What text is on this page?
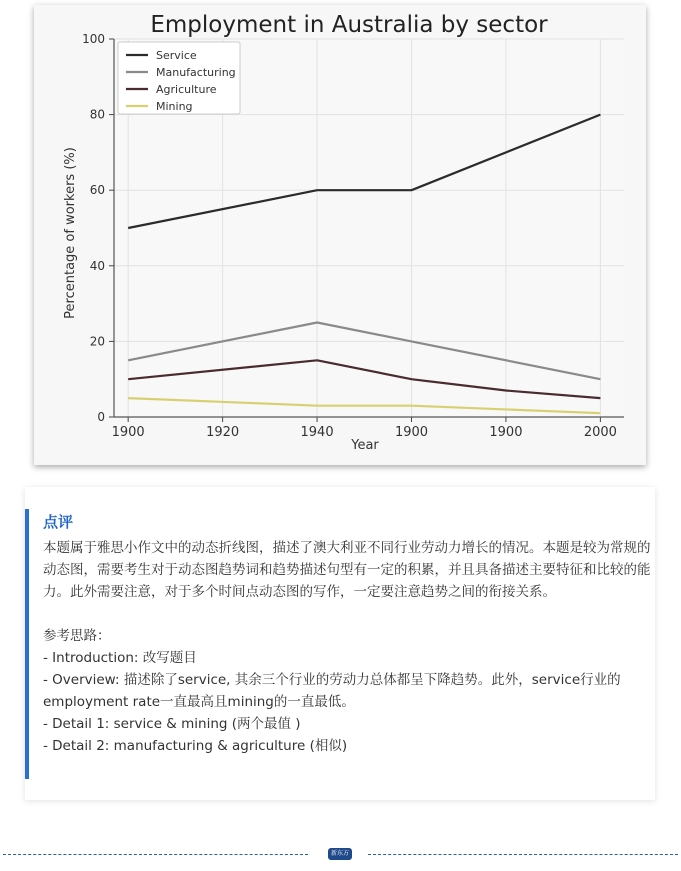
Employment in Australia by sector
0
20
40
60
80
100
1900	1920	1940	1900	1900	2000
Service
Manufacturing
Agriculture
Mining
Year
Percentage of workers (%)
点评

本题属于雅思小作文中的动态折线图，描述了澳大利亚不同行业劳动力增长的情况。本题是较为常规的动态图，需要考生对于动态图趋势词和趋势描述句型有一定的积累，并且具备描述主要特征和比较的能力。此外需要注意，对于多个时间点动态图的写作，一定要注意趋势之间的衔接关系。

参考思路：

- Introduction: 改写题目

- Overview: 描述除了service, 其余三个行业的劳动力总体都呈下降趋势。此外，service行业的employment rate一直最高且mining的一直最低。

- Detail 1: service & mining (两个最值 )

- Detail 2: manufacturing & agriculture (相似)

新东方
